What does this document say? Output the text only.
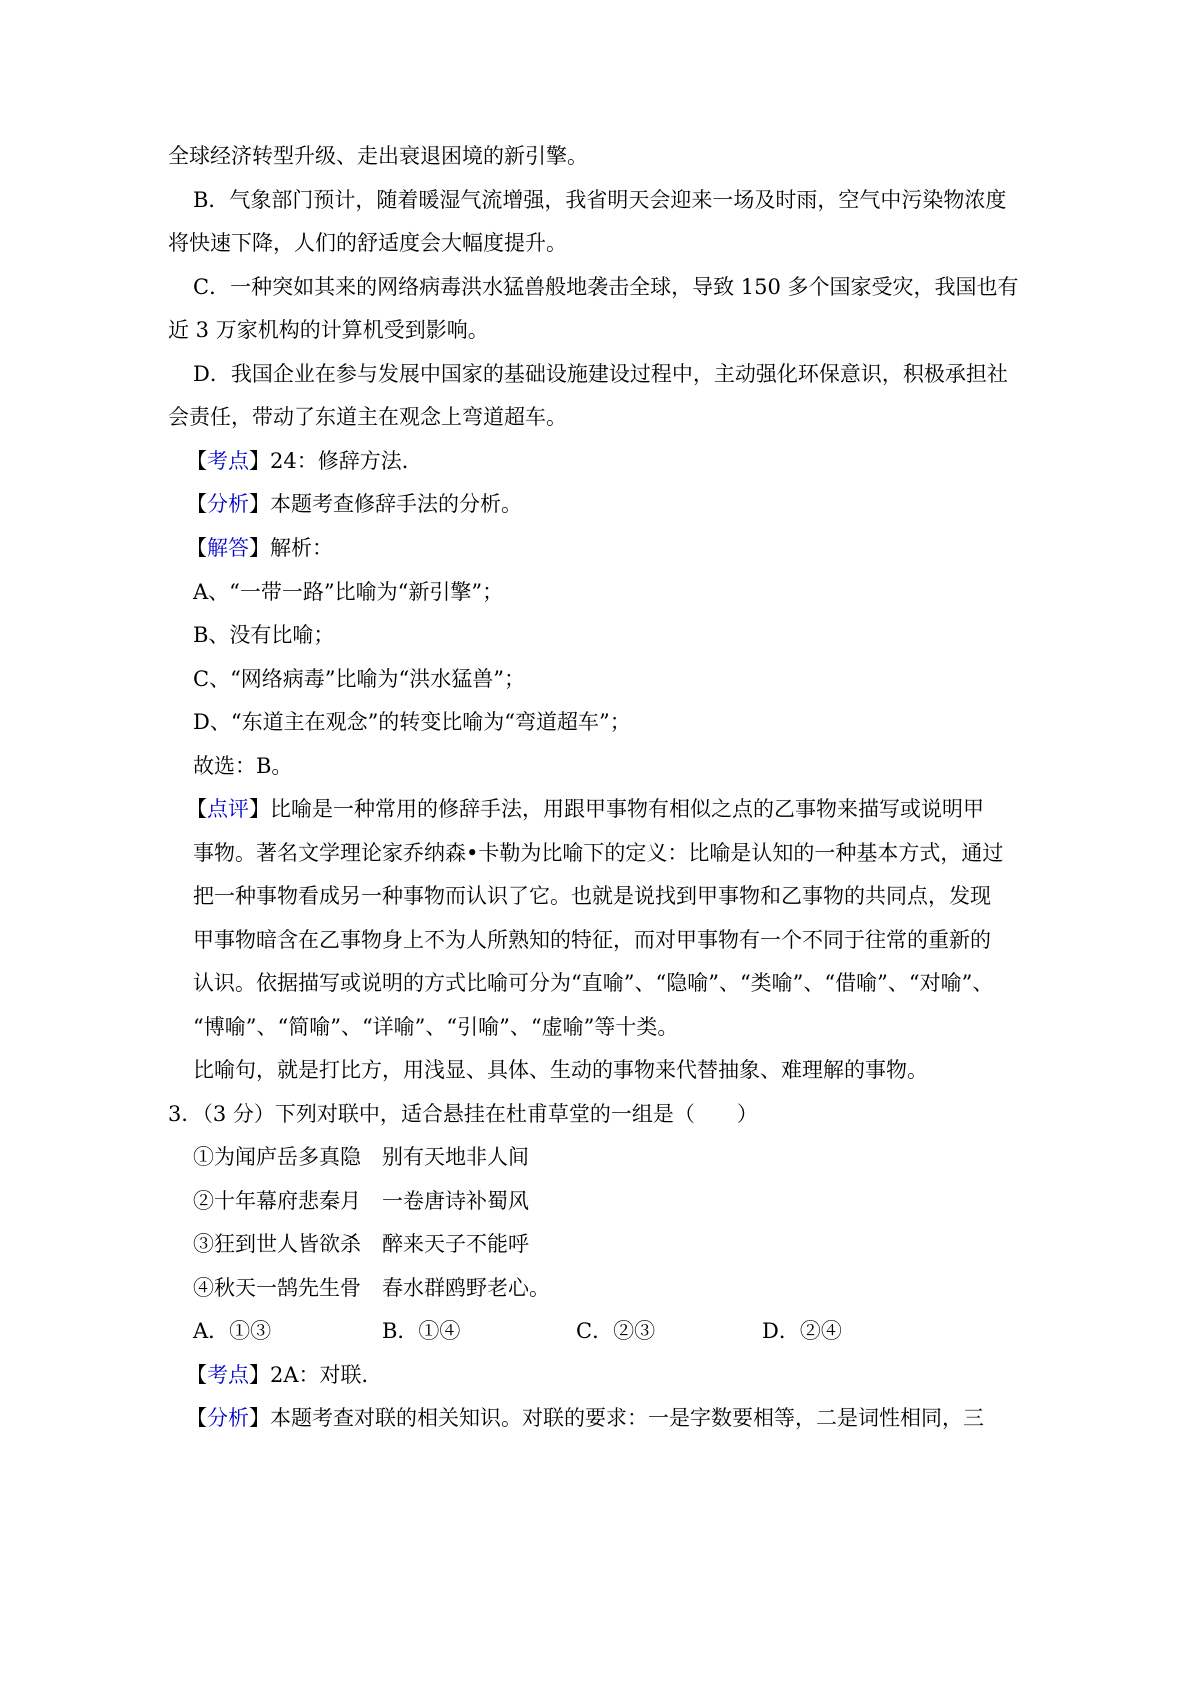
全球经济转型升级、走出衰退困境的新引擎。
B．气象部门预计，随着暖湿气流增强，我省明天会迎来一场及时雨，空气中污染物浓度
将快速下降，人们的舒适度会大幅度提升。
C．一种突如其来的网络病毒洪水猛兽般地袭击全球，导致 150 多个国家受灾，我国也有
近 3 万家机构的计算机受到影响。
D．我国企业在参与发展中国家的基础设施建设过程中，主动强化环保意识，积极承担社
会责任，带动了东道主在观念上弯道超车。
【考点】24：修辞方法．
【分析】本题考查修辞手法的分析。
【解答】解析：
A、“一带一路”比喻为“新引擎”；
B、没有比喻；
C、“网络病毒”比喻为“洪水猛兽”；
D、“东道主在观念”的转变比喻为“弯道超车”；
故选：B。
【点评】比喻是一种常用的修辞手法，用跟甲事物有相似之点的乙事物来描写或说明甲
事物。著名文学理论家乔纳森•卡勒为比喻下的定义：比喻是认知的一种基本方式，通过
把一种事物看成另一种事物而认识了它。也就是说找到甲事物和乙事物的共同点，发现
甲事物暗含在乙事物身上不为人所熟知的特征，而对甲事物有一个不同于往常的重新的
认识。依据描写或说明的方式比喻可分为“直喻”、“隐喻”、“类喻”、“借喻”、“对喻”、
“博喻”、“简喻”、“详喻”、“引喻”、“虚喻”等十类。
比喻句，就是打比方，用浅显、具体、生动的事物来代替抽象、难理解的事物。
3．（3 分）下列对联中，适合悬挂在杜甫草堂的一组是（　　）
①为闻庐岳多真隐　别有天地非人间
②十年幕府悲秦月　一卷唐诗补蜀风
③狂到世人皆欲杀　醉来天子不能呼
④秋天一鹄先生骨　春水群鸥野老心。
A．①③	B．①④	C．②③	D．②④
【考点】2A：对联．
【分析】本题考查对联的相关知识。对联的要求：一是字数要相等，二是词性相同，三
